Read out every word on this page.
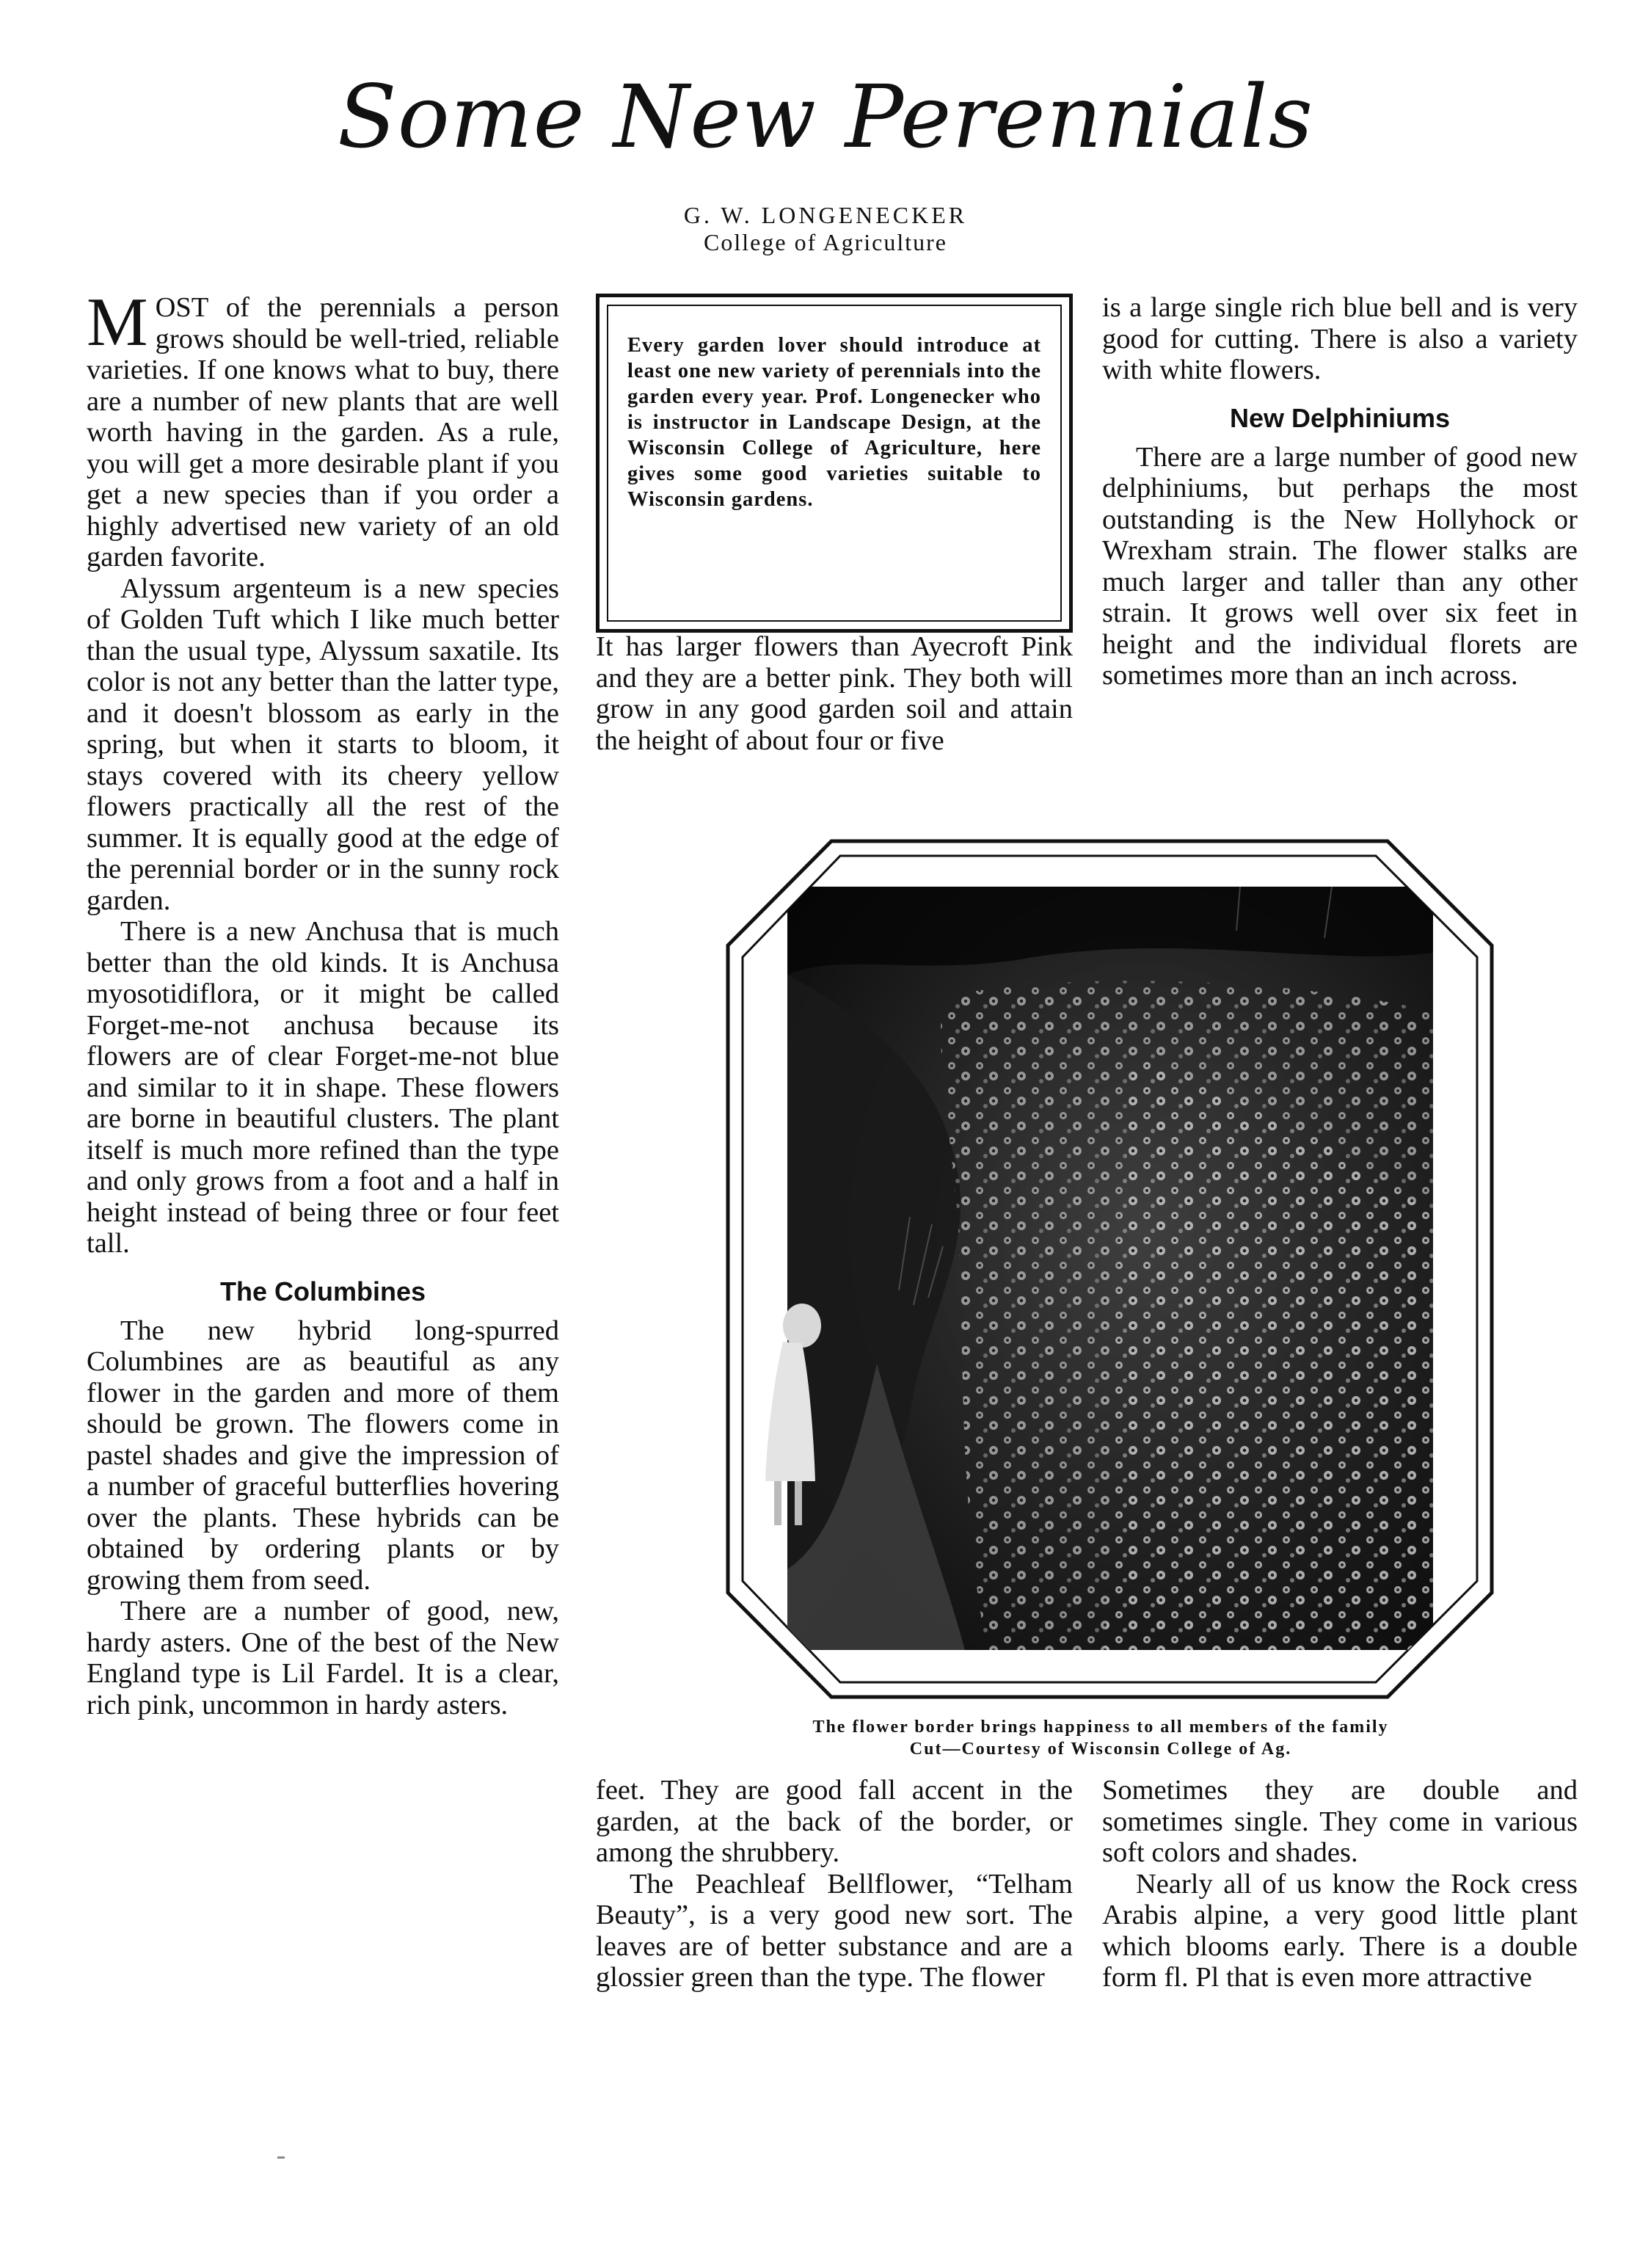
Some New Perennials
G. W. LONGENECKER
College of Agriculture

MOST of the perennials a person grows should be well-tried, reliable varieties. If one knows what to buy, there are a number of new plants that are well worth having in the garden. As a rule, you will get a more desirable plant if you get a new species than if you order a highly advertised new variety of an old garden favorite.

Alyssum argenteum is a new species of Golden Tuft which I like much better than the usual type, Alyssum saxatile. Its color is not any better than the latter type, and it doesn't blossom as early in the spring, but when it starts to bloom, it stays covered with its cheery yellow flowers practically all the rest of the summer. It is equally good at the edge of the perennial border or in the sunny rock garden.

There is a new Anchusa that is much better than the old kinds. It is Anchusa myosotidiflora, or it might be called Forget-me-not anchusa because its flowers are of clear Forget-me-not blue and similar to it in shape. These flowers are borne in beautiful clusters. The plant itself is much more refined than the type and only grows from a foot and a half in height instead of being three or four feet tall.

The Columbines

The new hybrid long-spurred Columbines are as beautiful as any flower in the garden and more of them should be grown. The flowers come in pastel shades and give the impression of a number of graceful butterflies hovering over the plants. These hybrids can be obtained by ordering plants or by growing them from seed.

There are a number of good, new, hardy asters. One of the best of the New England type is Lil Fardel. It is a clear, rich pink, uncommon in hardy asters.

Every garden lover should introduce at least one new variety of perennials into the garden every year. Prof. Longenecker who is instructor in Landscape Design, at the Wisconsin College of Agriculture, here gives some good varieties suitable to Wisconsin gardens.

It has larger flowers than Ayecroft Pink and they are a better pink. They both will grow in any good garden soil and attain the height of about four or five

is a large single rich blue bell and is very good for cutting. There is also a variety with white flowers.

New Delphiniums

There are a large number of good new delphiniums, but perhaps the most outstanding is the New Hollyhock or Wrexham strain. The flower stalks are much larger and taller than any other strain. It grows well over six feet in height and the individual florets are sometimes more than an inch across.

The flower border brings happiness to all members of the family
Cut—Courtesy of Wisconsin College of Ag.

feet. They are good fall accent in the garden, at the back of the border, or among the shrubbery.

The Peachleaf Bellflower, “Telham Beauty”, is a very good new sort. The leaves are of better substance and are a glossier green than the type. The flower

Sometimes they are double and sometimes single. They come in various soft colors and shades.

Nearly all of us know the Rock cress Arabis alpine, a very good little plant which blooms early. There is a double form fl. Pl that is even more attractive
